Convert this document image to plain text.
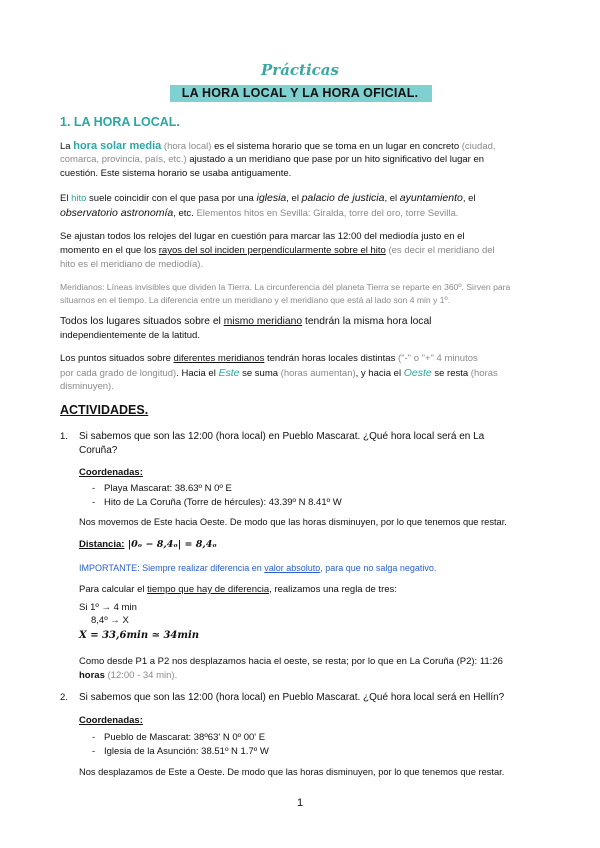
Prácticas
LA HORA LOCAL Y LA HORA OFICIAL.
1. LA HORA LOCAL.
La hora solar media (hora local) es el sistema horario que se toma en un lugar en concreto (ciudad,
comarca, provincia, país, etc.) ajustado a un meridiano que pase por un hito significativo del lugar en
cuestión. Este sistema horario se usaba antiguamente.
El hito suele coincidir con el que pasa por una iglesia, el palacio de justicia, el ayuntamiento, el
observatorio astronomía, etc. Elementos hitos en Sevilla: Giralda, torre del oro, torre Sevilla.
Se ajustan todos los relojes del lugar en cuestión para marcar las 12:00 del mediodía justo en el
momento en el que los rayos del sol inciden perpendicularmente sobre el hito (es decir el meridiano del
hito es el meridiano de mediodía).
Meridianos: Líneas invisibles que dividen la Tierra. La circunferencia del planeta Tierra se reparte en 360º. Sirven para
situarnos en el tiempo. La diferencia entre un meridiano y el meridiano que está al lado son 4 min y 1º.
Todos los lugares situados sobre el mismo meridiano tendrán la misma hora local
independientemente de la latitud.
Los puntos situados sobre diferentes meridianos tendrán horas locales distintas ("-" o "+" 4 minutos
por cada grado de longitud). Hacia el Este se suma (horas aumentan), y hacia el Oeste se resta (horas
disminuyen).
ACTIVIDADES.
1. Si sabemos que son las 12:00 (hora local) en Pueblo Mascarat. ¿Qué hora local será en La
Coruña?
Coordenadas:
- Playa Mascarat: 38.63º N 0º E
- Hito de La Coruña (Torre de hércules): 43.39º N 8.41º W
Nos movemos de Este hacia Oeste. De modo que las horas disminuyen, por lo que tenemos que restar.
Distancia: |0ₒ − 8,4ₒ| = 8,4ₒ
IMPORTANTE: Siempre realizar diferencia en valor absoluto, para que no salga negativo.
Para calcular el tiempo que hay de diferencia, realizamos una regla de tres:
Si 1º → 4 min
8,4º → X
X = 33,6min ≃ 34min
Como desde P1 a P2 nos desplazamos hacia el oeste, se resta; por lo que en La Coruña (P2): 11:26
horas (12:00 - 34 min).
2. Si sabemos que son las 12:00 (hora local) en Pueblo Mascarat. ¿Qué hora local será en Hellín?
Coordenadas:
- Pueblo de Mascarat: 38º63' N 0º 00' E
- Iglesia de la Asunción: 38.51º N 1.7º W
Nos desplazamos de Este a Oeste. De modo que las horas disminuyen, por lo que tenemos que restar.
1
